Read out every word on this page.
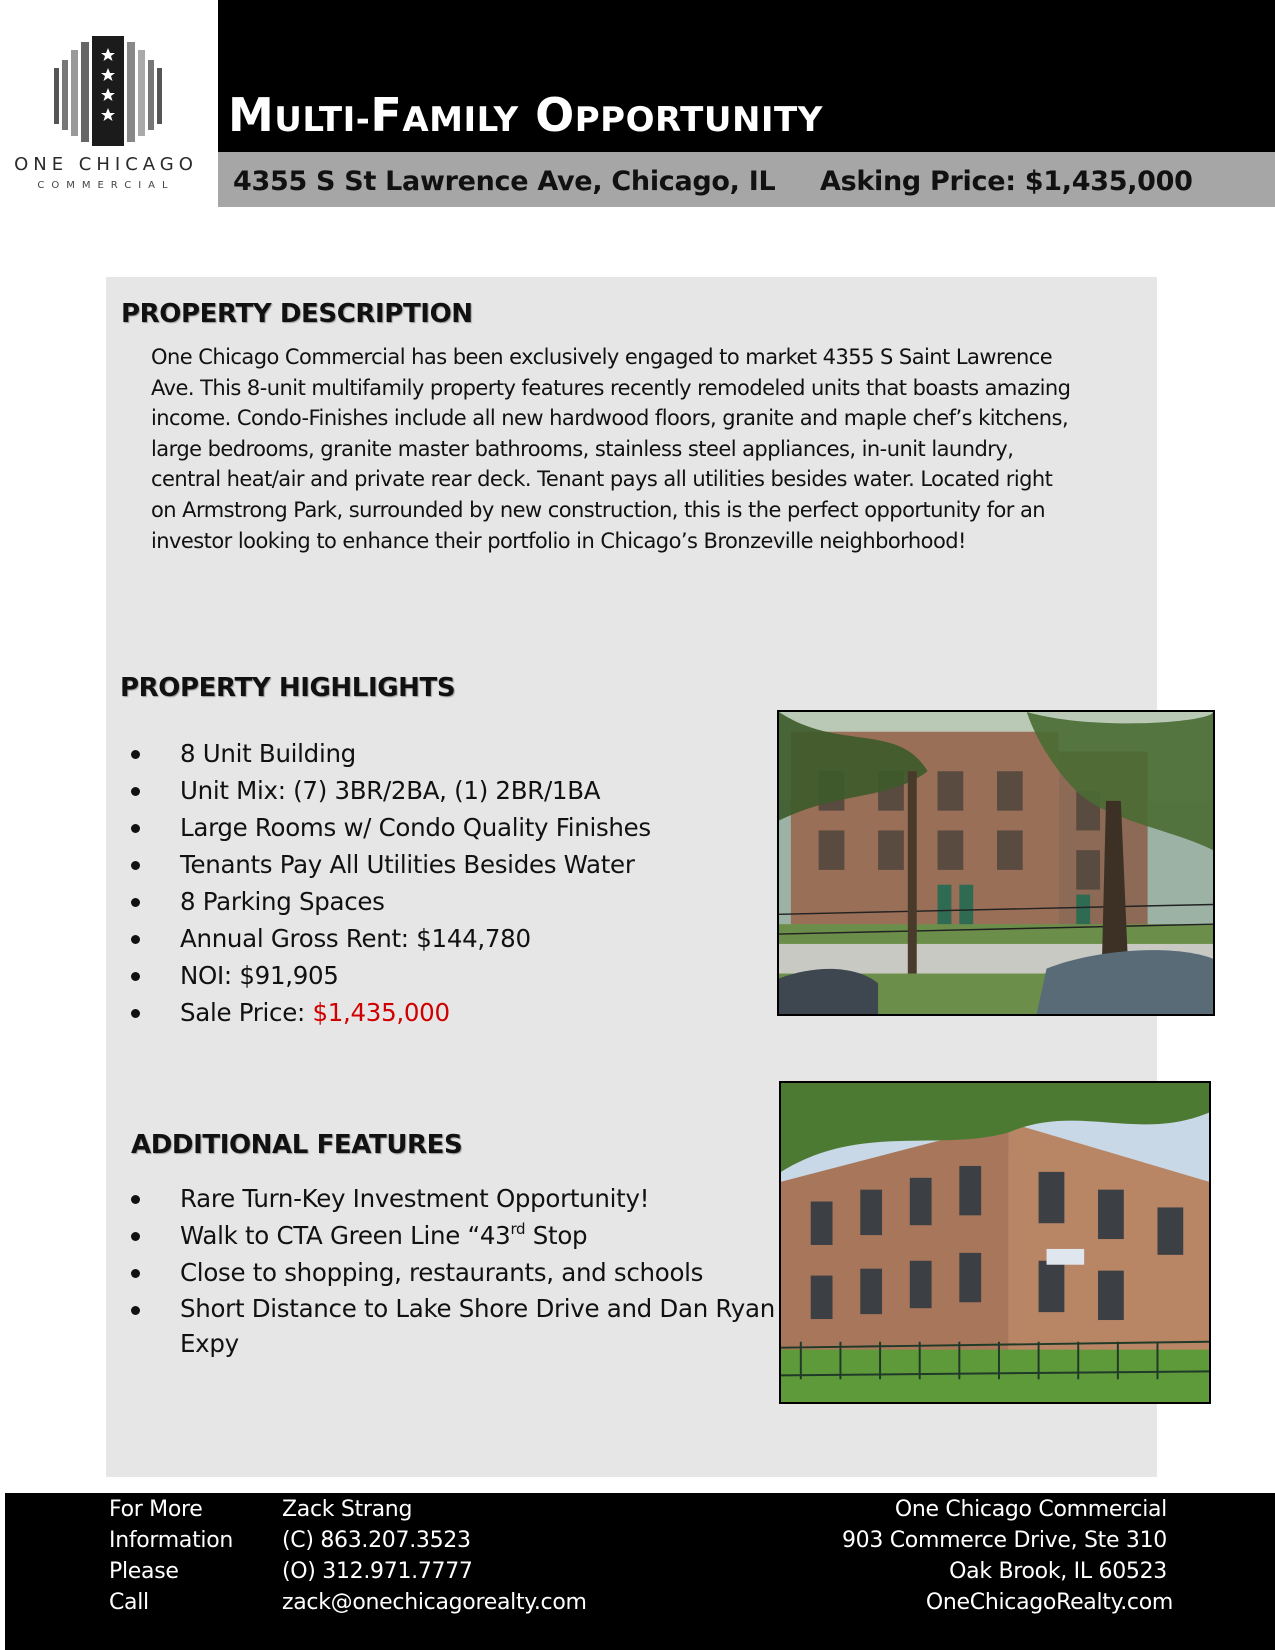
ONE CHICAGO
COMMERCIAL
MULTI-FAMILY OPPORTUNITY
4355 S St Lawrence Ave, Chicago, IL Asking Price: $1,435,000
PROPERTY DESCRIPTION
One Chicago Commercial has been exclusively engaged to market 4355 S Saint Lawrence Ave. This 8-unit multifamily property features recently remodeled units that boasts amazing income. Condo-Finishes include all new hardwood floors, granite and maple chef’s kitchens, large bedrooms, granite master bathrooms, stainless steel appliances, in-unit laundry, central heat/air and private rear deck. Tenant pays all utilities besides water. Located right on Armstrong Park, surrounded by new construction, this is the perfect opportunity for an investor looking to enhance their portfolio in Chicago’s Bronzeville neighborhood!
PROPERTY HIGHLIGHTS
8 Unit Building
Unit Mix: (7) 3BR/2BA, (1) 2BR/1BA
Large Rooms w/ Condo Quality Finishes
Tenants Pay All Utilities Besides Water
8 Parking Spaces
Annual Gross Rent: $144,780
NOI: $91,905
Sale Price: $1,435,000
ADDITIONAL FEATURES
Rare Turn-Key Investment Opportunity!
Walk to CTA Green Line “43rd Stop
Close to shopping, restaurants, and schools
Short Distance to Lake Shore Drive and Dan Ryan Expy
For More
Information
Please
Call
Zack Strang
(C) 863.207.3523
(O) 312.971.7777
zack@onechicagorealty.com
One Chicago Commercial
903 Commerce Drive, Ste 310
Oak Brook, IL 60523
OneChicagoRealty.com
